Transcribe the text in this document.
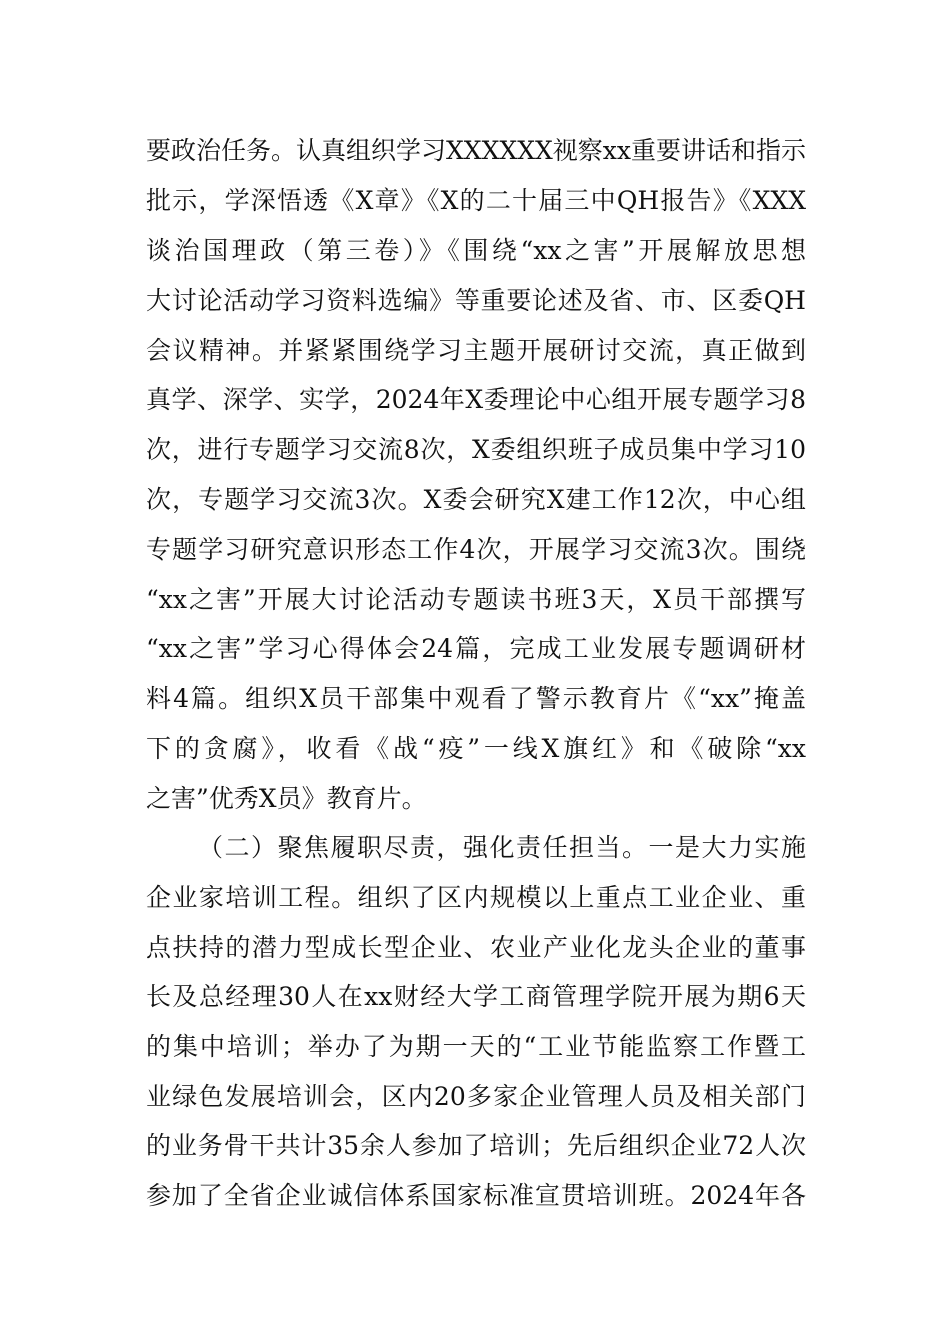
要政治任务。认真组织学习XXXXXX视察xx重要讲话和指示
批示，学深悟透《X章》《X的二十届三中QH报告》《XXX
谈治国理政（第三卷）》《围绕“xx之害”开展解放思想
大讨论活动学习资料选编》等重要论述及省、市、区委QH
会议精神。并紧紧围绕学习主题开展研讨交流，真正做到
真学、深学、实学，2024年X委理论中心组开展专题学习8
次，进行专题学习交流8次，X委组织班子成员集中学习10
次，专题学习交流3次。X委会研究X建工作12次，中心组
专题学习研究意识形态工作4次，开展学习交流3次。围绕
“xx之害”开展大讨论活动专题读书班3天，X员干部撰写
“xx之害”学习心得体会24篇，完成工业发展专题调研材
料4篇。组织X员干部集中观看了警示教育片《“xx”掩盖
下的贪腐》，收看《战“疫”一线X旗红》和《破除“xx
之害”优秀X员》教育片。
（二）聚焦履职尽责，强化责任担当。一是大力实施
企业家培训工程。组织了区内规模以上重点工业企业、重
点扶持的潜力型成长型企业、农业产业化龙头企业的董事
长及总经理30人在xx财经大学工商管理学院开展为期6天
的集中培训；举办了为期一天的“工业节能监察工作暨工
业绿色发展培训会，区内20多家企业管理人员及相关部门
的业务骨干共计35余人参加了培训；先后组织企业72人次
参加了全省企业诚信体系国家标准宣贯培训班。2024年各
